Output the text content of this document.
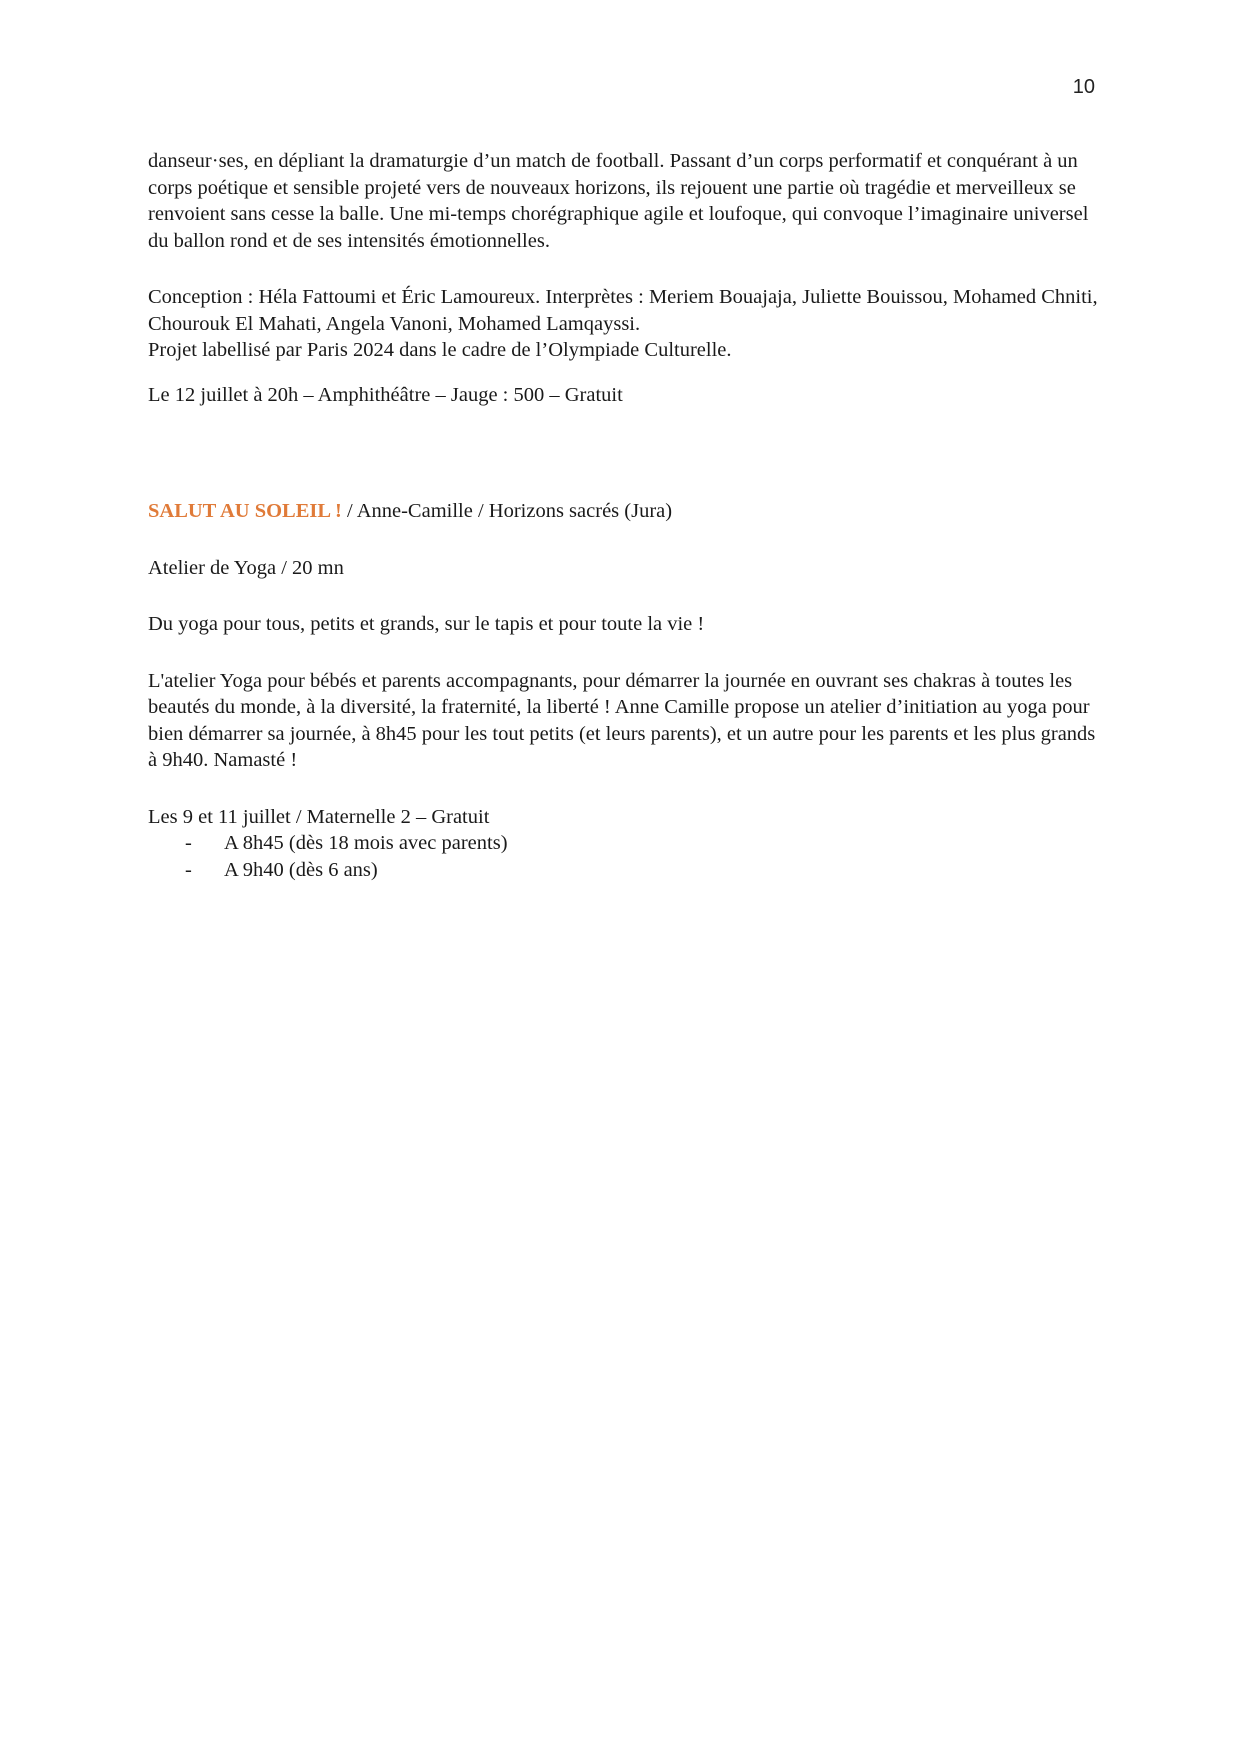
10

danseur·ses, en dépliant la dramaturgie d’un match de football. Passant d’un corps performatif et conquérant à un corps poétique et sensible projeté vers de nouveaux horizons, ils rejouent une partie où tragédie et merveilleux se renvoient sans cesse la balle. Une mi-temps chorégraphique agile et loufoque, qui convoque l’imaginaire universel du ballon rond et de ses intensités émotionnelles.

Conception : Héla Fattoumi et Éric Lamoureux. Interprètes : Meriem Bouajaja, Juliette Bouissou, Mohamed Chniti, Chourouk El Mahati, Angela Vanoni, Mohamed Lamqayssi.

Projet labellisé par Paris 2024 dans le cadre de l’Olympiade Culturelle.

Le 12 juillet à 20h – Amphithéâtre – Jauge : 500 – Gratuit

SALUT AU SOLEIL ! / Anne-Camille / Horizons sacrés (Jura)

Atelier de Yoga / 20 mn

Du yoga pour tous, petits et grands, sur le tapis et pour toute la vie !

L'atelier Yoga pour bébés et parents accompagnants, pour démarrer la journée en ouvrant ses chakras à toutes les beautés du monde, à la diversité, la fraternité, la liberté ! Anne Camille propose un atelier d’initiation au yoga pour bien démarrer sa journée, à 8h45 pour les tout petits (et leurs parents), et un autre pour les parents et les plus grands à 9h40. Namasté !

Les 9 et 11 juillet / Maternelle 2 – Gratuit

- A 8h45 (dès 18 mois avec parents)
- A 9h40 (dès 6 ans)
